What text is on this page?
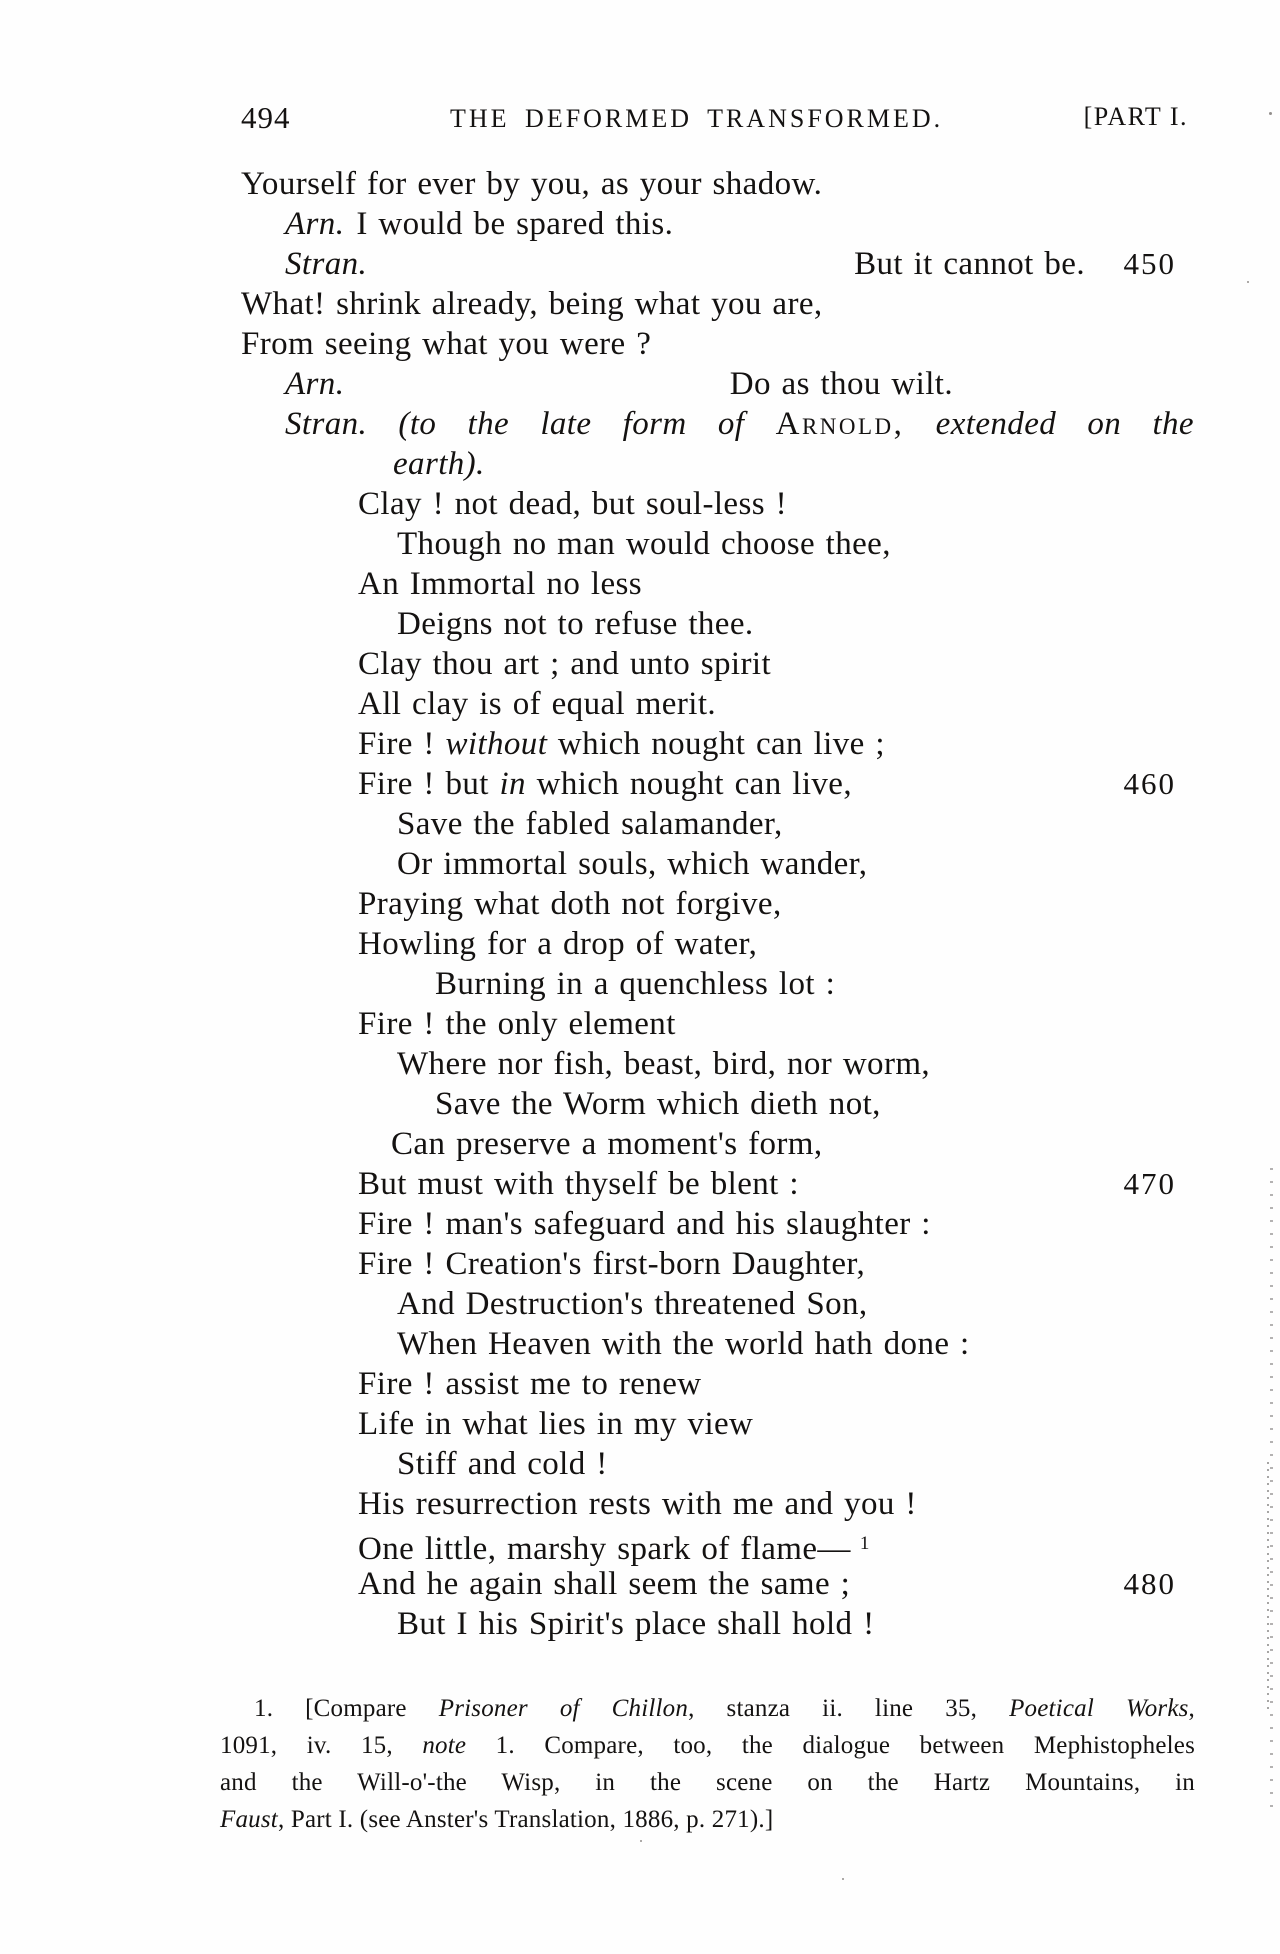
494	THE DEFORMED TRANSFORMED.	[PART I.
Yourself for ever by you, as your shadow.
Arn. I would be spared this.
Stran.	But it cannot be. 450
What! shrink already, being what you are,
From seeing what you were ?
Arn.	Do as thou wilt.
Stran. (to the late form of Arnold, extended on the
earth).
Clay ! not dead, but soul-less !
Though no man would choose thee,
An Immortal no less
Deigns not to refuse thee.
Clay thou art ; and unto spirit
All clay is of equal merit.
Fire ! without which nought can live ;
Fire ! but in which nought can live,	460
Save the fabled salamander,
Or immortal souls, which wander,
Praying what doth not forgive,
Howling for a drop of water,
Burning in a quenchless lot :
Fire ! the only element
Where nor fish, beast, bird, nor worm,
Save the Worm which dieth not,
Can preserve a moment's form,
But must with thyself be blent :	470
Fire ! man's safeguard and his slaughter :
Fire ! Creation's first-born Daughter,
And Destruction's threatened Son,
When Heaven with the world hath done :
Fire ! assist me to renew
Life in what lies in my view
Stiff and cold !
His resurrection rests with me and you !
One little, marshy spark of flame— $^1$
And he again shall seem the same ;	480
But I his Spirit's place shall hold !
1. [Compare Prisoner of Chillon, stanza ii. line 35, Poetical Works,
1091, iv. 15, note 1. Compare, too, the dialogue between Mephistopheles
and the Will-o'-the Wisp, in the scene on the Hartz Mountains, in
Faust, Part I. (see Anster's Translation, 1886, p. 271).]
